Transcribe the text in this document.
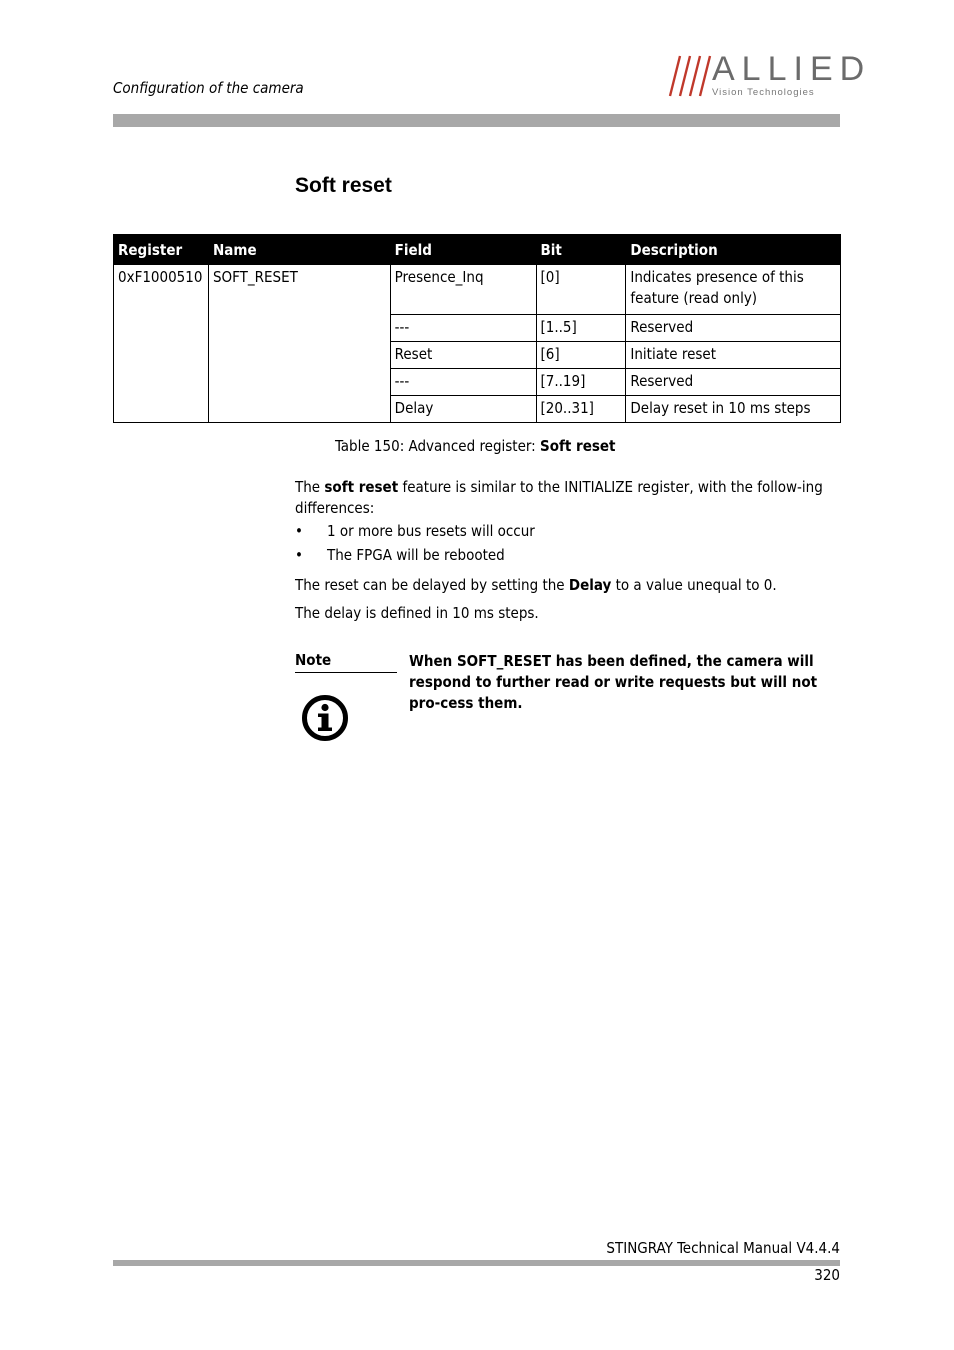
Configuration of the camera	ALLIED
Vision Technologies
Soft reset
Register	Name	Field	Bit	Description
0xF1000510	SOFT_RESET	Presence_Inq	[0]	Indicates presence of this feature (read only)
		---	[1..5]	Reserved
		Reset	[6]	Initiate reset
		---	[7..19]	Reserved
		Delay	[20..31]	Delay reset in 10 ms steps
Table 150: Advanced register: Soft reset
The soft reset feature is similar to the INITIALIZE register, with the follow-ing differences:
• 1 or more bus resets will occur
• The FPGA will be rebooted
The reset can be delayed by setting the Delay to a value unequal to 0.
The delay is defined in 10 ms steps.
Note	When SOFT_RESET has been defined, the camera will respond to further read or write requests but will not pro-cess them.
STINGRAY Technical Manual V4.4.4
320
